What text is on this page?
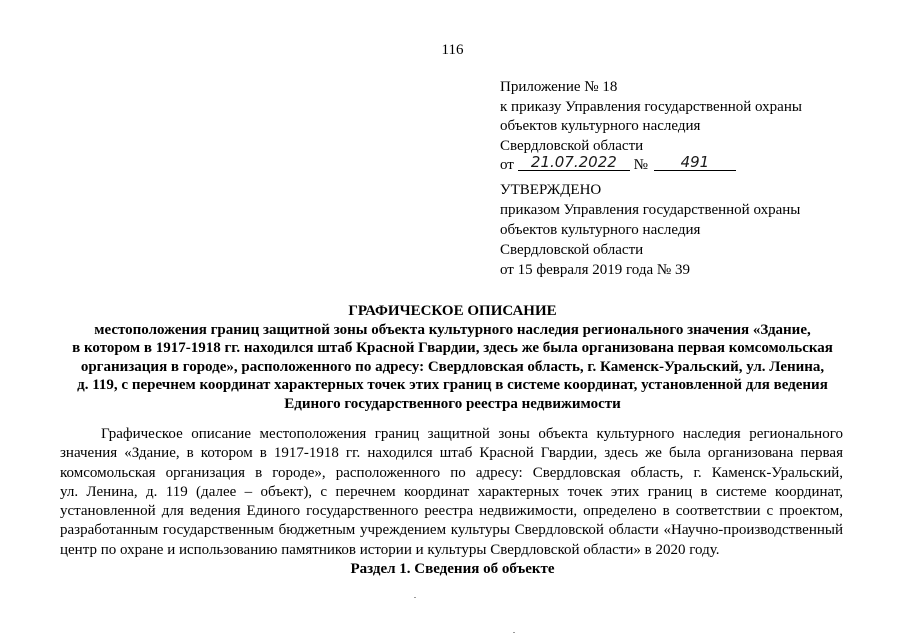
116
Приложение № 18
к приказу Управления государственной охраны
объектов культурного наследия
Свердловской области
от 21.07.2022 № 491
УТВЕРЖДЕНО
приказом Управления государственной охраны
объектов культурного наследия
Свердловской области
от 15 февраля 2019 года № 39
ГРАФИЧЕСКОЕ ОПИСАНИЕ
местоположения границ защитной зоны объекта культурного наследия регионального значения «Здание,
в котором в 1917-1918 гг. находился штаб Красной Гвардии, здесь же была организована первая комсомольская
организация в городе», расположенного по адресу: Свердловская область, г. Каменск-Уральский, ул. Ленина,
д. 119, с перечнем координат характерных точек этих границ в системе координат, установленной для ведения
Единого государственного реестра недвижимости
Графическое описание местоположения границ защитной зоны объекта культурного наследия регионального
значения «Здание, в котором в 1917-1918 гг. находился штаб Красной Гвардии, здесь же была организована первая
комсомольская организация в городе», расположенного по адресу: Свердловская область, г. Каменск-Уральский,
ул. Ленина, д. 119 (далее – объект), с перечнем координат характерных точек этих границ в системе координат,
установленной для ведения Единого государственного реестра недвижимости, определено в соответствии с проектом,
разработанным государственным бюджетным учреждением культуры Свердловской области «Научно-производственный
центр по охране и использованию памятников истории и культуры Свердловской области» в 2020 году.
Раздел 1. Сведения об объекте
